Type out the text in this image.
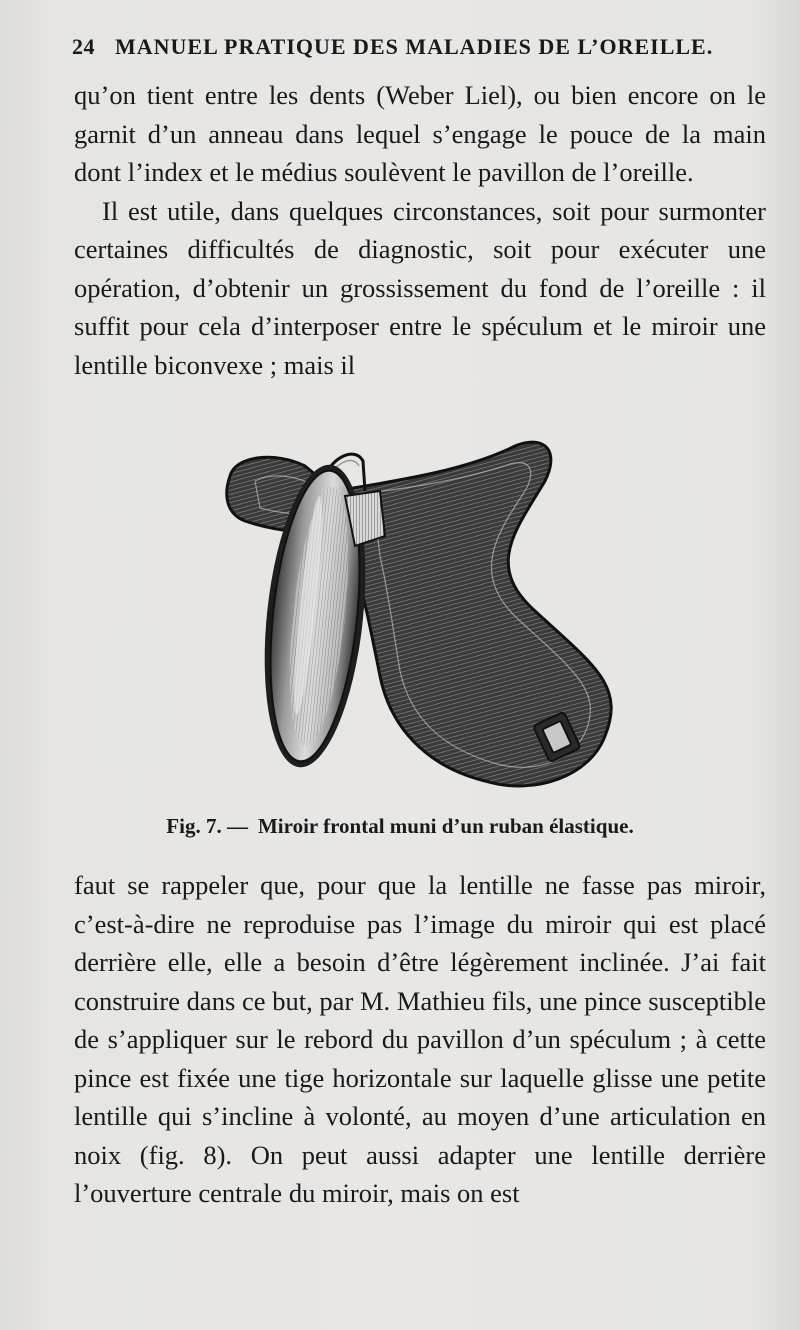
24 MANUEL PRATIQUE DES MALADIES DE L’OREILLE.

qu’on tient entre les dents (Weber Liel), ou bien encore on le garnit d’un anneau dans lequel s’engage le pouce de la main dont l’index et le médius soulèvent le pavillon de l’oreille.

Il est utile, dans quelques circonstances, soit pour surmonter certaines difficultés de diagnostic, soit pour exécuter une opération, d’obtenir un grossissement du fond de l’oreille : il suffit pour cela d’interposer entre le spéculum et le miroir une lentille biconvexe ; mais il

Fig. 7. — Miroir frontal muni d’un ruban élastique.

faut se rappeler que, pour que la lentille ne fasse pas miroir, c’est-à-dire ne reproduise pas l’image du miroir qui est placé derrière elle, elle a besoin d’être légèrement inclinée. J’ai fait construire dans ce but, par M. Mathieu fils, une pince susceptible de s’appliquer sur le rebord du pavillon d’un spéculum ; à cette pince est fixée une tige horizontale sur laquelle glisse une petite lentille qui s’incline à volonté, au moyen d’une articulation en noix (fig. 8). On peut aussi adapter une lentille derrière l’ouverture centrale du miroir, mais on est
